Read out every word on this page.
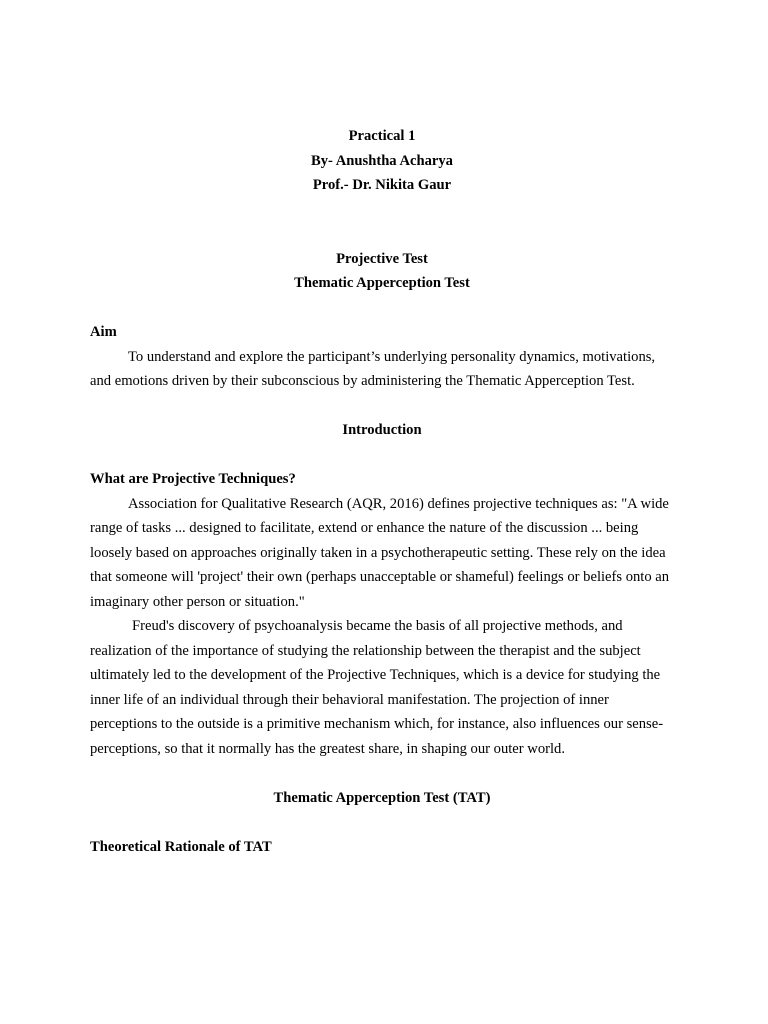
Practical 1

By- Anushtha Acharya

Prof.- Dr. Nikita Gaur

Projective Test

Thematic Apperception Test

Aim

To understand and explore the participant’s underlying personality dynamics, motivations, and emotions driven by their subconscious by administering the Thematic Apperception Test.

Introduction

What are Projective Techniques?

Association for Qualitative Research (AQR, 2016) defines projective techniques as: "A wide range of tasks ... designed to facilitate, extend or enhance the nature of the discussion ... being loosely based on approaches originally taken in a psychotherapeutic setting. These rely on the idea that someone will 'project' their own (perhaps unacceptable or shameful) feelings or beliefs onto an imaginary other person or situation."

Freud's discovery of psychoanalysis became the basis of all projective methods, and realization of the importance of studying the relationship between the therapist and the subject ultimately led to the development of the Projective Techniques, which is a device for studying the inner life of an individual through their behavioral manifestation. The projection of inner perceptions to the outside is a primitive mechanism which, for instance, also influences our sense-perceptions, so that it normally has the greatest share, in shaping our outer world.

Thematic Apperception Test (TAT)

Theoretical Rationale of TAT
